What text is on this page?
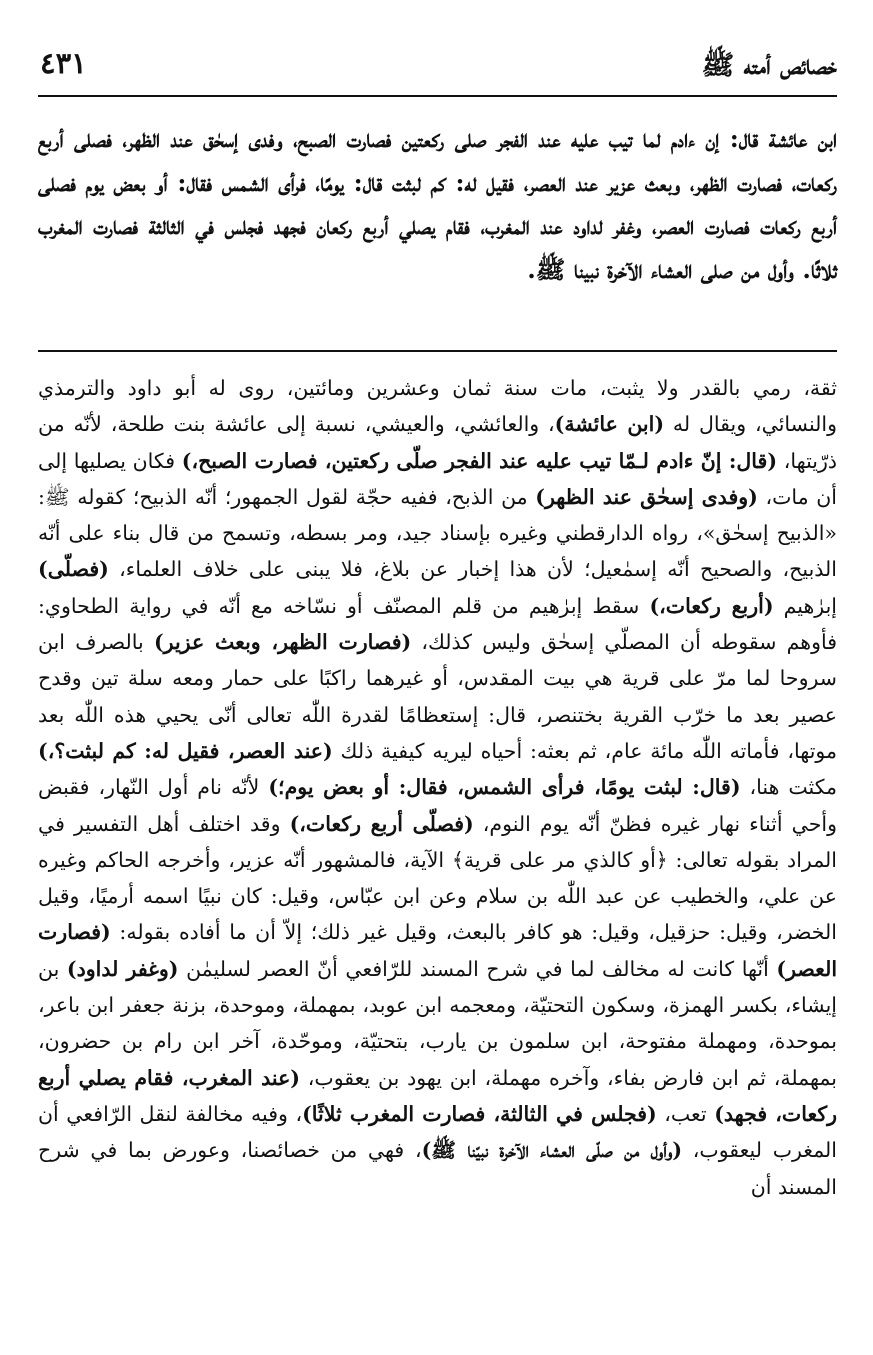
خصائص أمته ﷺ
٤٣١

ابن عائشة قال: إن ءادم لما تيب عليه عند الفجر صلى ركعتين فصارت الصبح، وفدى إسحٰق عند الظهر، فصلى أربع ركعات، فصارت الظهر، وبعث عزير عند العصر، فقيل له: كم لبثت قال: يومًا، فرأى الشمس فقال: أو بعض يوم فصلى أربع ركعات فصارت العصر، وغفر لداود عند المغرب، فقام يصلي أربع ركعان فجهد فجلس في الثالثة فصارت المغرب ثلاثًا. وأول من صلى العشاء الآخرة نبينا ﷺ.

ثقة، رمي بالقدر ولا يثبت، مات سنة ثمان وعشرين ومائتين، روى له أبو داود والترمذي والنسائي، ويقال له (ابن عائشة)، والعائشي، والعيشي، نسبة إلى عائشة بنت طلحة، لأنّه من ذرّيتها، (قال: إنّ ءادم لـمّا تيب عليه عند الفجر صلّى ركعتين، فصارت الصبح،) فكان يصليها إلى أن مات، (وفدى إسحٰق عند الظهر) من الذبح، ففيه حجّة لقول الجمهور؛ أنّه الذبيح؛ كقوله ﷺ: «الذبيح إسحٰق»، رواه الدارقطني وغيره بإسناد جيد، ومر بسطه، وتسمح من قال بناء على أنّه الذبيح، والصحيح أنّه إسمٰعيل؛ لأن هذا إخبار عن بلاغ، فلا يبنى على خلاف العلماء، (فصلّى) إبرٰهيم (أربع ركعات،) سقط إبرٰهيم من قلم المصنّف أو نسّاخه مع أنّه في رواية الطحاوي: فأوهم سقوطه أن المصلّي إسحٰق وليس كذلك، (فصارت الظهر، وبعث عزير) بالصرف ابن سروحا لما مرّ على قرية هي بيت المقدس، أو غيرهما راكبًا على حمار ومعه سلة تين وقدح عصير بعد ما خرّب القرية بختنصر، قال: إستعظامًا لقدرة اللّٰه تعالى أنّى يحيي هذه اللّٰه بعد موتها، فأماته اللّٰه مائة عام، ثم بعثه: أحياه ليريه كيفية ذلك (عند العصر، فقيل له: كم لبثت؟،) مكثت هنا، (قال: لبثت يومًا، فرأى الشمس، فقال: أو بعض يوم؛) لأنّه نام أول النّهار، فقبض وأحي أثناء نهار غيره فظنّ أنّه يوم النوم، (فصلّى أربع ركعات،) وقد اختلف أهل التفسير في المراد بقوله تعالى: ﴿أو كالذي مر على قرية﴾ الآية، فالمشهور أنّه عزير، وأخرجه الحاكم وغيره عن علي، والخطيب عن عبد اللّٰه بن سلام وعن ابن عبّاس، وقيل: كان نبيًا اسمه أرميًا، وقيل الخضر، وقيل: حزقيل، وقيل: هو كافر بالبعث، وقيل غير ذلك؛ إلاّ أن ما أفاده بقوله: (فصارت العصر) أنّها كانت له مخالف لما في شرح المسند للرّافعي أنّ العصر لسليمٰن (وغفر لداود) بن إيشاء، بكسر الهمزة، وسكون التحتيّة، ومعجمه ابن عوبد، بمهملة، وموحدة، بزنة جعفر ابن باعر، بموحدة، ومهملة مفتوحة، ابن سلمون بن يارب، بتحتيّة، وموحّدة، آخر ابن رام بن حضرون، بمهملة، ثم ابن فارض بفاء، وآخره مهملة، ابن يهود بن يعقوب، (عند المغرب، فقام يصلي أربع ركعات، فجهد) تعب، (فجلس في الثالثة، فصارت المغرب ثلاثًا)، وفيه مخالفة لنقل الرّافعي أن المغرب ليعقوب، (وأول من صلّى العشاء الآخرة نبيّنا ﷺ)، فهي من خصائصنا، وعورض بما في شرح المسند أن
